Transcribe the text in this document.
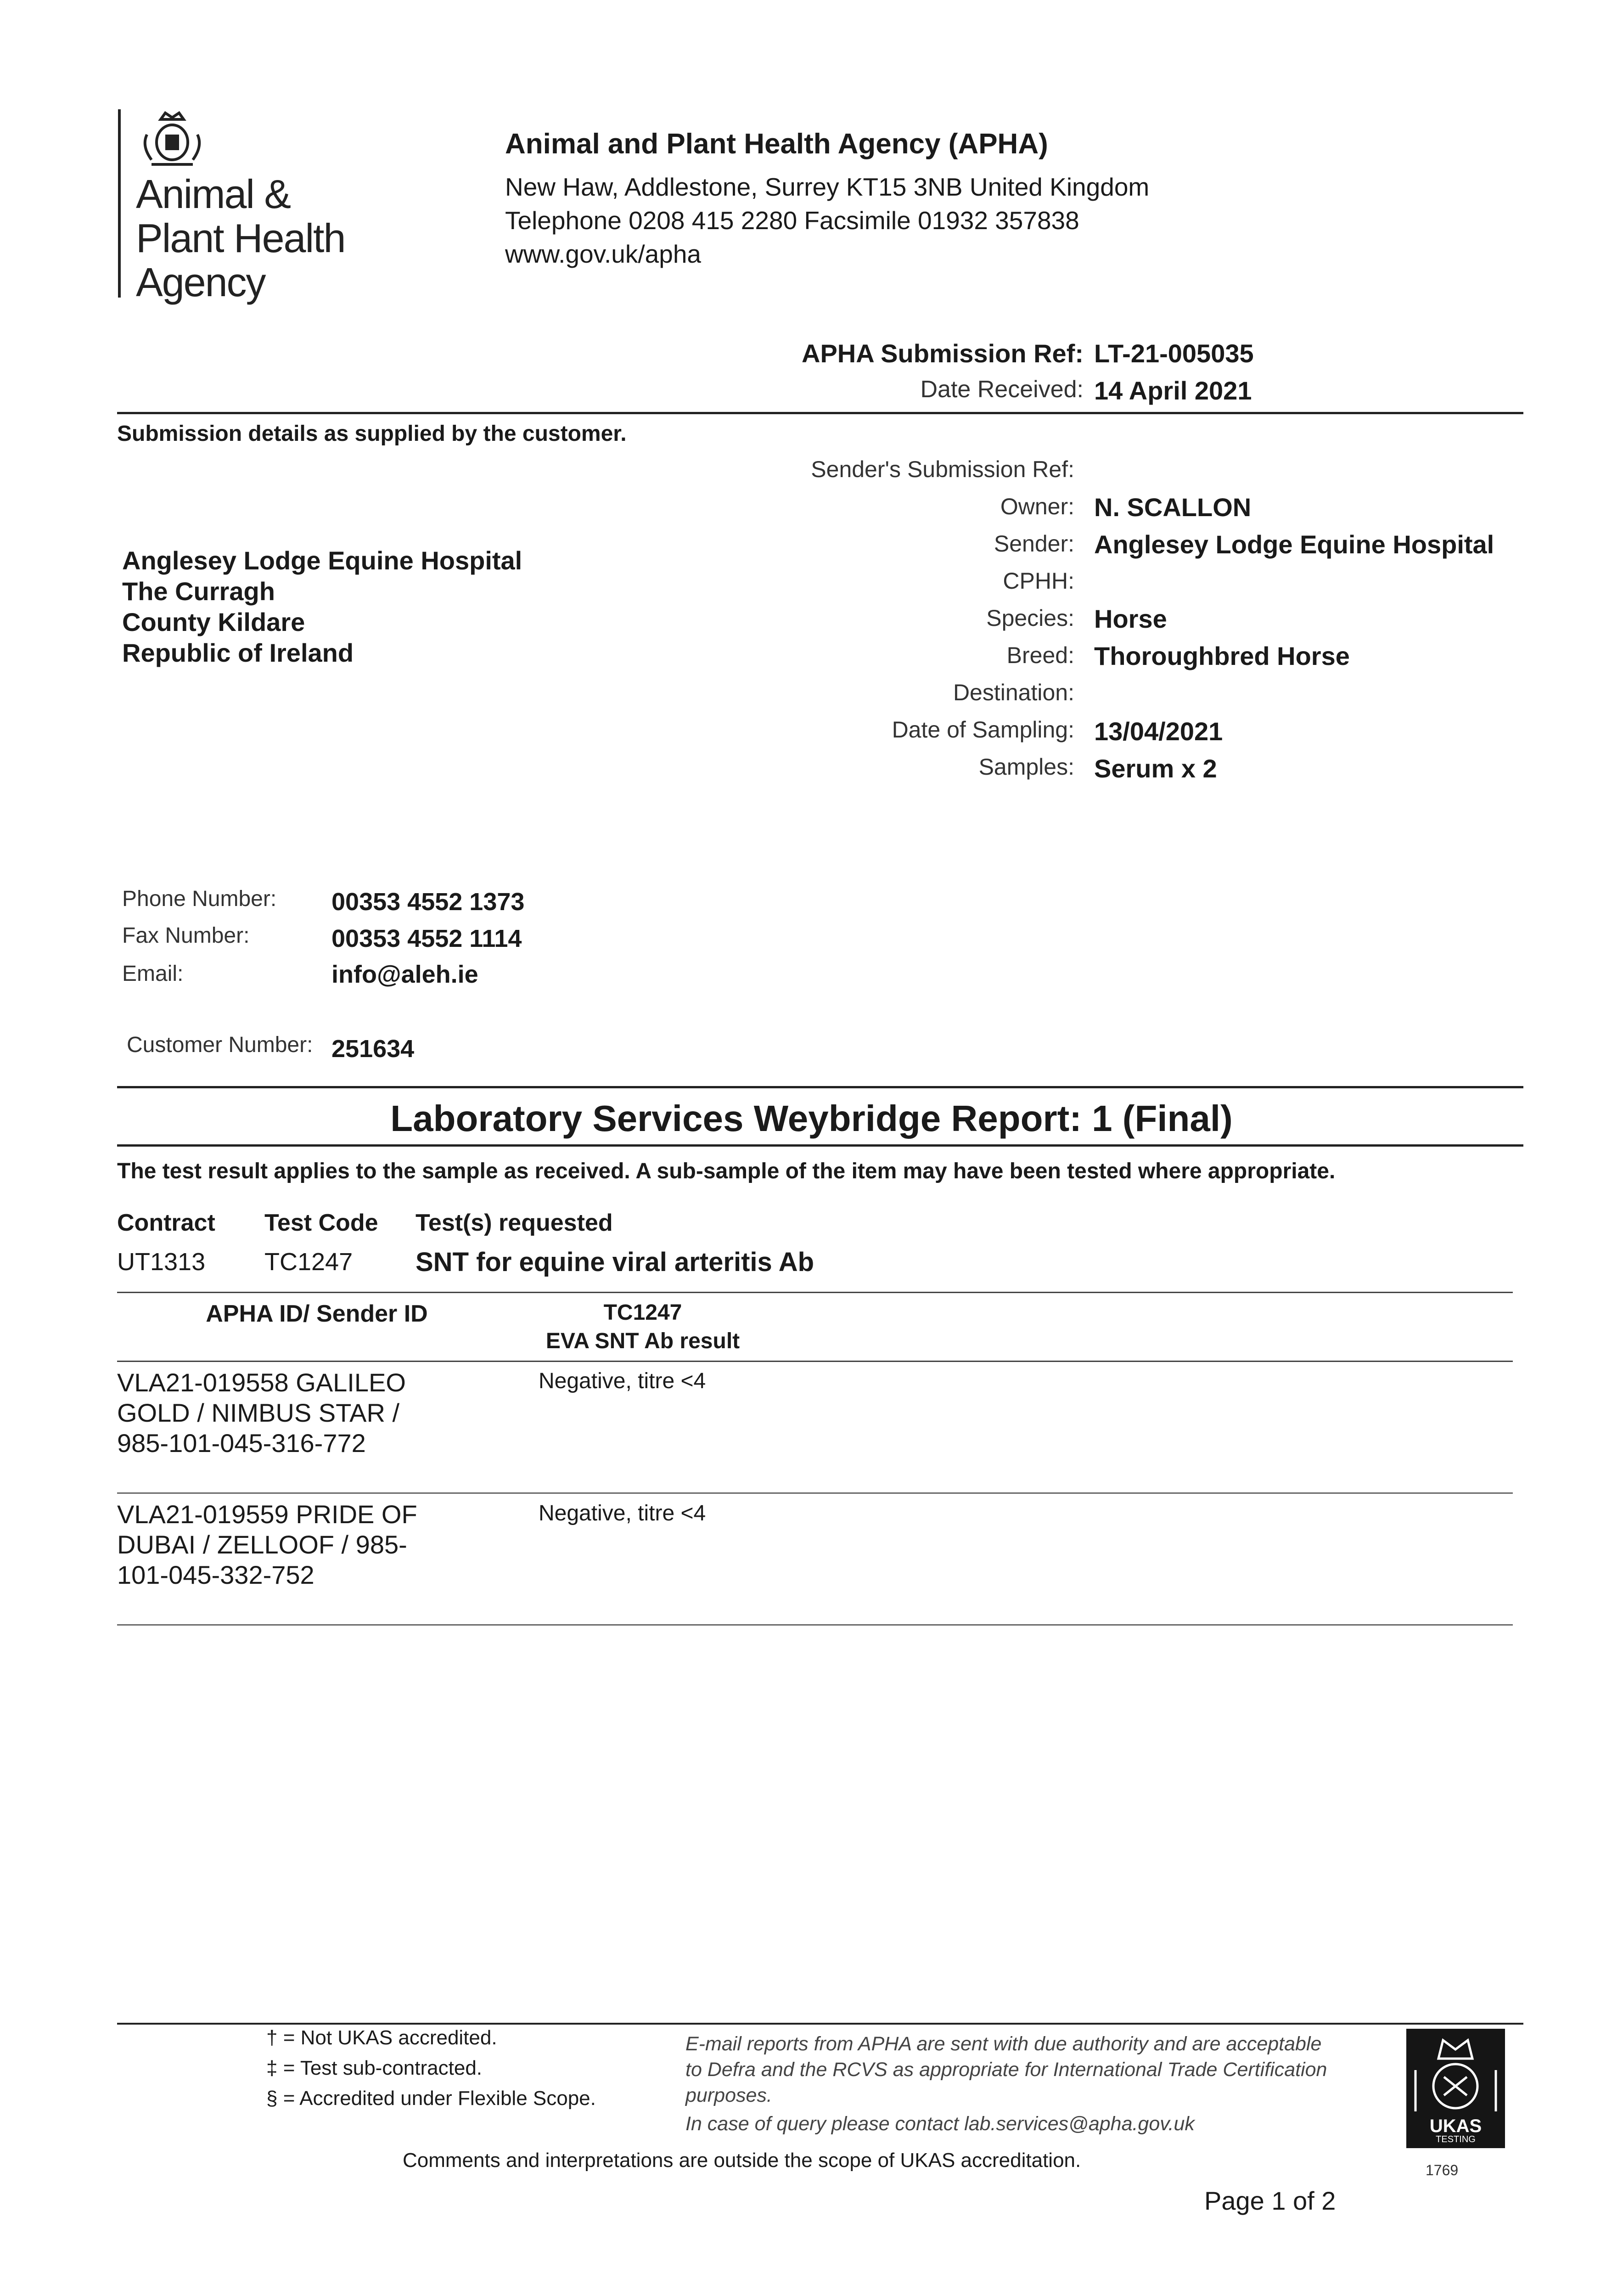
Animal &
Plant Health
Agency
Animal and Plant Health Agency (APHA)
New Haw, Addlestone, Surrey KT15 3NB United Kingdom
Telephone 0208 415 2280 Facsimile 01932 357838
www.gov.uk/apha
APHA Submission Ref: LT-21-005035
Date Received: 14 April 2021
Submission details as supplied by the customer.
Sender's Submission Ref:
Owner: N. SCALLON
Sender: Anglesey Lodge Equine Hospital
CPHH:
Species: Horse
Breed: Thoroughbred Horse
Destination:
Date of Sampling: 13/04/2021
Samples: Serum x 2
Anglesey Lodge Equine Hospital
The Curragh
County Kildare
Republic of Ireland
Phone Number: 00353 4552 1373
Fax Number:	00353 4552 1114
Email:	info@aleh.ie
Customer Number: 251634
Laboratory Services Weybridge Report: 1 (Final)
The test result applies to the sample as received. A sub-sample of the item may have been tested where appropriate.
Contract Test Code Test(s) requested
UT1313 TC1247 SNT for equine viral arteritis Ab
APHA ID/ Sender ID	TC1247
EVA SNT Ab result
VLA21-019558 GALILEO GOLD / NIMBUS STAR / 985-101-045-316-772
Negative, titre <4
VLA21-019559 PRIDE OF DUBAI / ZELLOOF / 985-101-045-332-752
Negative, titre <4
† = Not UKAS accredited.
‡ = Test sub-contracted.
§ = Accredited under Flexible Scope.
E-mail reports from APHA are sent with due authority and are acceptable to Defra and the RCVS as appropriate for International Trade Certification purposes.
In case of query please contact lab.services@apha.gov.uk
Comments and interpretations are outside the scope of UKAS accreditation.
Page 1 of 2
UKAS
TESTING
1769
